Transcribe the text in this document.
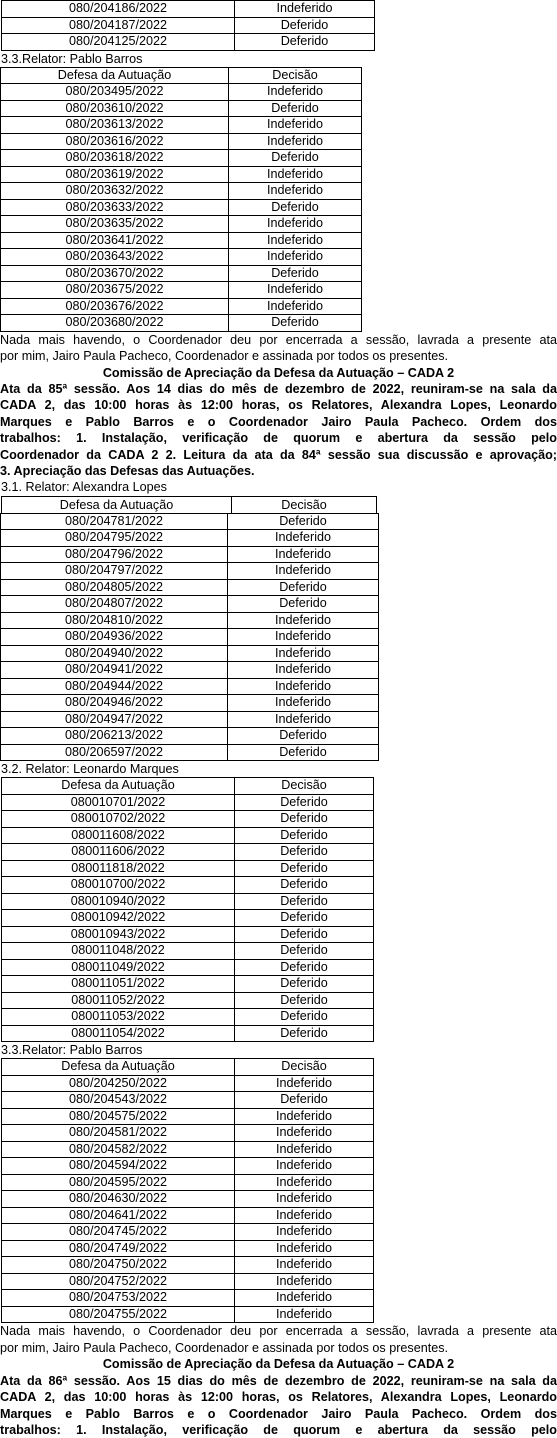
080/204186/2022	Indeferido
080/204187/2022	Deferido
080/204125/2022	Deferido
3.3.Relator: Pablo Barros
Defesa da Autuação	Decisão
080/203495/2022	Indeferido
080/203610/2022	Deferido
080/203613/2022	Indeferido
080/203616/2022	Indeferido
080/203618/2022	Deferido
080/203619/2022	Indeferido
080/203632/2022	Indeferido
080/203633/2022	Deferido
080/203635/2022	Indeferido
080/203641/2022	Indeferido
080/203643/2022	Indeferido
080/203670/2022	Deferido
080/203675/2022	Indeferido
080/203676/2022	Indeferido
080/203680/2022	Deferido
Nada mais havendo, o Coordenador deu por encerrada a sessão, lavrada a presente ata
por mim, Jairo Paula Pacheco, Coordenador e assinada por todos os presentes.
Comissão de Apreciação da Defesa da Autuação – CADA 2
Ata da 85ª sessão. Aos 14 dias do mês de dezembro de 2022, reuniram-se na sala da
CADA 2, das 10:00 horas às 12:00 horas, os Relatores, Alexandra Lopes, Leonardo
Marques e Pablo Barros e o Coordenador Jairo Paula Pacheco. Ordem dos
trabalhos: 1. Instalação, verificação de quorum e abertura da sessão pelo
Coordenador da CADA 2 2. Leitura da ata da 84ª sessão sua discussão e aprovação;
3. Apreciação das Defesas das Autuações.
3.1. Relator: Alexandra Lopes
Defesa da Autuação	Decisão
080/204781/2022	Deferido
080/204795/2022	Indeferido
080/204796/2022	Indeferido
080/204797/2022	Indeferido
080/204805/2022	Deferido
080/204807/2022	Deferido
080/204810/2022	Indeferido
080/204936/2022	Indeferido
080/204940/2022	Indeferido
080/204941/2022	Indeferido
080/204944/2022	Indeferido
080/204946/2022	Indeferido
080/204947/2022	Indeferido
080/206213/2022	Deferido
080/206597/2022	Deferido
3.2. Relator: Leonardo Marques
Defesa da Autuação	Decisão
080010701/2022	Deferido
080010702/2022	Deferido
080011608/2022	Deferido
080011606/2022	Deferido
080011818/2022	Deferido
080010700/2022	Deferido
080010940/2022	Deferido
080010942/2022	Deferido
080010943/2022	Deferido
080011048/2022	Deferido
080011049/2022	Deferido
080011051/2022	Deferido
080011052/2022	Deferido
080011053/2022	Deferido
080011054/2022	Deferido
3.3.Relator: Pablo Barros
Defesa da Autuação	Decisão
080/204250/2022	Indeferido
080/204543/2022	Deferido
080/204575/2022	Indeferido
080/204581/2022	Indeferido
080/204582/2022	Indeferido
080/204594/2022	Indeferido
080/204595/2022	Indeferido
080/204630/2022	Indeferido
080/204641/2022	Indeferido
080/204745/2022	Indeferido
080/204749/2022	Indeferido
080/204750/2022	Indeferido
080/204752/2022	Indeferido
080/204753/2022	Indeferido
080/204755/2022	Indeferido
Nada mais havendo, o Coordenador deu por encerrada a sessão, lavrada a presente ata
por mim, Jairo Paula Pacheco, Coordenador e assinada por todos os presentes.
Comissão de Apreciação da Defesa da Autuação – CADA 2
Ata da 86ª sessão. Aos 15 dias do mês de dezembro de 2022, reuniram-se na sala da
CADA 2, das 10:00 horas às 12:00 horas, os Relatores, Alexandra Lopes, Leonardo
Marques e Pablo Barros e o Coordenador Jairo Paula Pacheco. Ordem dos
trabalhos: 1. Instalação, verificação de quorum e abertura da sessão pelo
